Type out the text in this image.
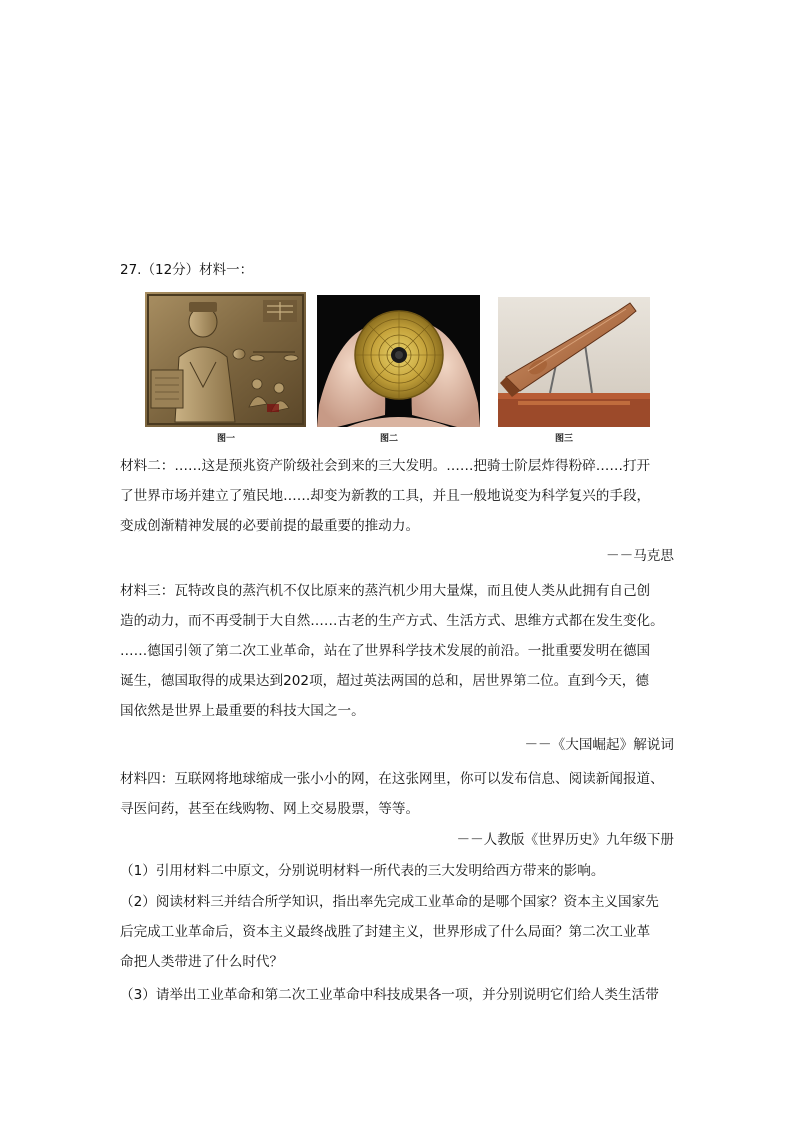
27.（12分）材料一：
图一	图二	图三
材料二：……这是预兆资产阶级社会到来的三大发明。……把骑士阶层炸得粉碎……打开
了世界市场并建立了殖民地……却变为新教的工具，并且一般地说变为科学复兴的手段，
变成创渐精神发展的必要前提的最重要的推动力。
－－马克思
材料三：瓦特改良的蒸汽机不仅比原来的蒸汽机少用大量煤，而且使人类从此拥有自己创
造的动力，而不再受制于大自然……古老的生产方式、生活方式、思维方式都在发生变化。
……德国引领了第二次工业革命，站在了世界科学技术发展的前沿。一批重要发明在德国
诞生，德国取得的成果达到202项，超过英法两国的总和，居世界第二位。直到今天，德
国依然是世界上最重要的科技大国之一。
－－《大国崛起》解说词
材料四：互联网将地球缩成一张小小的网，在这张网里，你可以发布信息、阅读新闻报道、
寻医问药，甚至在线购物、网上交易股票，等等。
－－人教版《世界历史》九年级下册
（1）引用材料二中原文，分别说明材料一所代表的三大发明给西方带来的影响。
（2）阅读材料三并结合所学知识，指出率先完成工业革命的是哪个国家？资本主义国家先
后完成工业革命后，资本主义最终战胜了封建主义，世界形成了什么局面？第二次工业革
命把人类带进了什么时代？
（3）请举出工业革命和第二次工业革命中科技成果各一项，并分别说明它们给人类生活带
